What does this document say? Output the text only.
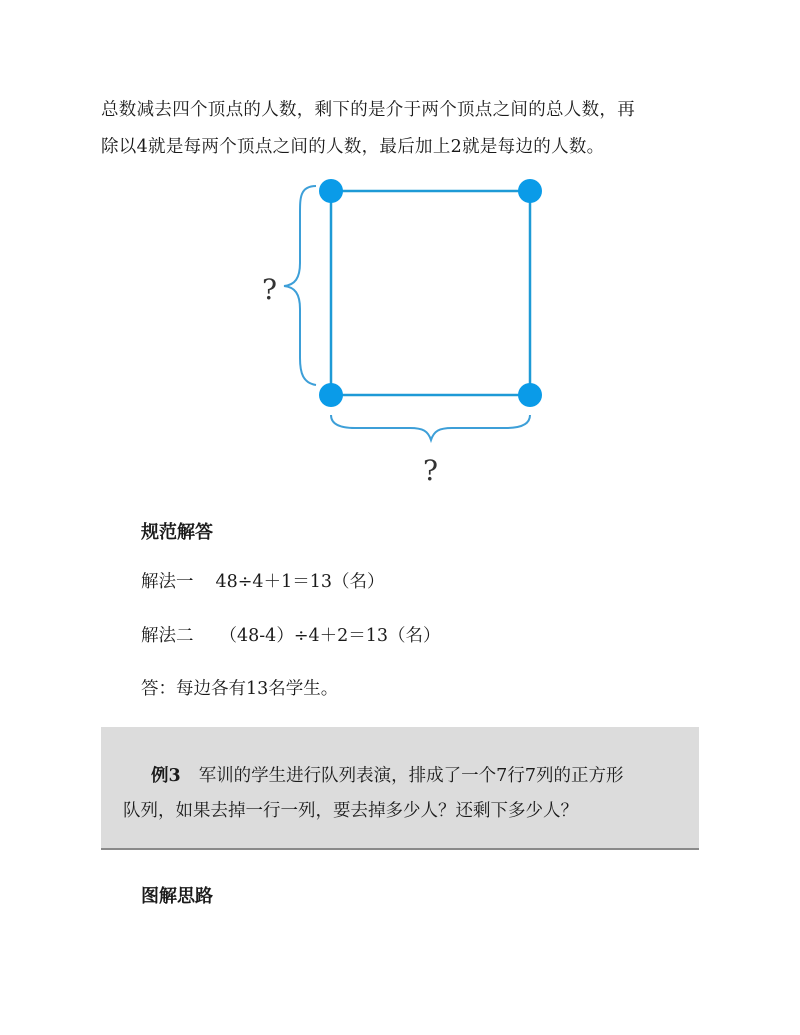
总数减去四个顶点的人数，剩下的是介于两个顶点之间的总人数，再
除以4就是每两个顶点之间的人数，最后加上2就是每边的人数。
?
?

规范解答

解法一 48÷4＋1＝13（名）

解法二 （48-4）÷4＋2＝13（名）

答：每边各有13名学生。

例3 军训的学生进行队列表演，排成了一个7行7列的正方形
队列，如果去掉一行一列，要去掉多少人？还剩下多少人？

图解思路
